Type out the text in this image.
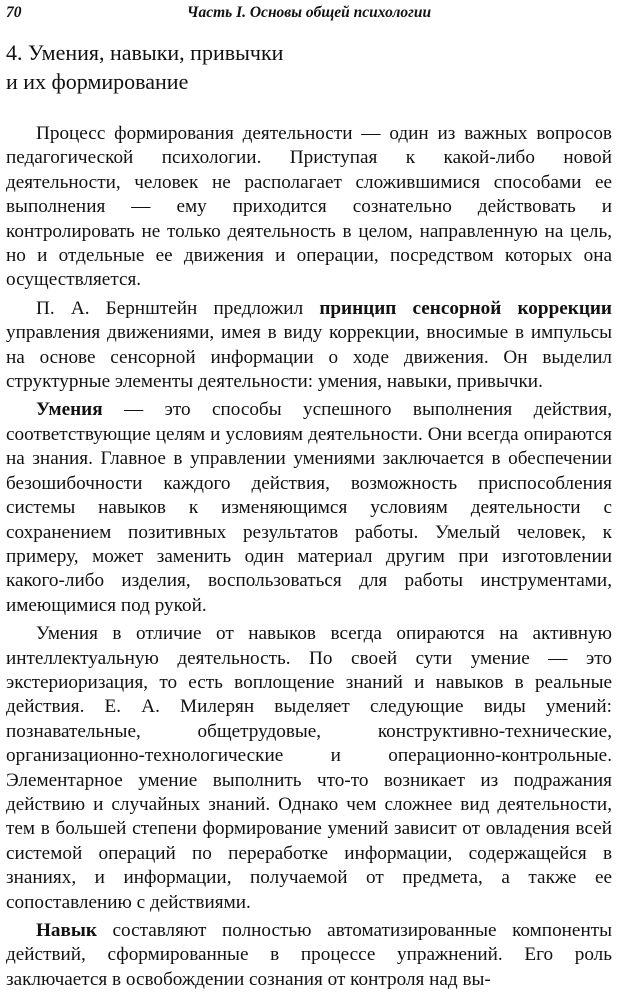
70	Часть I. Основы общей психологии
4. Умения, навыки, привычки
и их формирование

Процесс формирования деятельности — один из важных вопросов педагогической психологии. Приступая к какой-либо новой деятельности, человек не располагает сложившимися способами ее выполнения — ему приходится сознательно действовать и контролировать не только деятельность в целом, направленную на цель, но и отдельные ее движения и операции, посредством которых она осуществляется.

П. А. Бернштейн предложил принцип сенсорной коррекции управления движениями, имея в виду коррекции, вносимые в импульсы на основе сенсорной информации о ходе движения. Он выделил структурные элементы деятельности: умения, навыки, привычки.

Умения — это способы успешного выполнения действия, соответствующие целям и условиям деятельности. Они всегда опираются на знания. Главное в управлении умениями заключается в обеспечении безошибочности каждого действия, возможность приспособления системы навыков к изменяющимся условиям деятельности с сохранением позитивных результатов работы. Умелый человек, к примеру, может заменить один материал другим при изготовлении какого-либо изделия, воспользоваться для работы инструментами, имеющимися под рукой.

Умения в отличие от навыков всегда опираются на активную интеллектуальную деятельность. По своей сути умение — это экстериоризация, то есть воплощение знаний и навыков в реальные действия. Е. А. Милерян выделяет следующие виды умений: познавательные, общетрудовые, конструктивно-технические, организационно-технологические и операционно-контрольные. Элементарное умение выполнить что-то возникает из подражания действию и случайных знаний. Однако чем сложнее вид деятельности, тем в большей степени формирование умений зависит от овладения всей системой операций по переработке информации, содержащейся в знаниях, и информации, получаемой от предмета, а также ее сопоставлению с действиями.

Навык составляют полностью автоматизированные компоненты действий, сформированные в процессе упражнений. Его роль заключается в освобождении сознания от контроля над вы-
